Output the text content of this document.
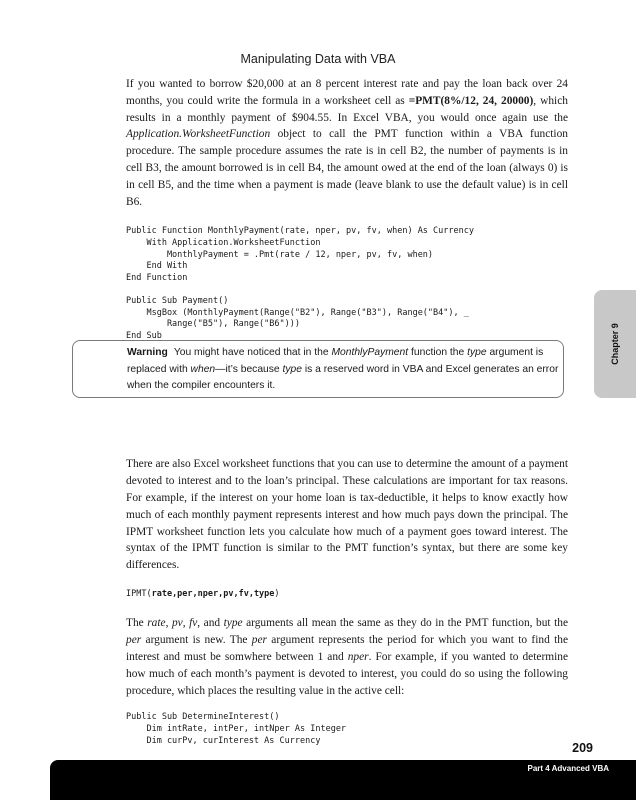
Manipulating Data with VBA

If you wanted to borrow $20,000 at an 8 percent interest rate and pay the loan back over 24 months, you could write the formula in a worksheet cell as =PMT(8%/12, 24, 20000), which results in a monthly payment of $904.55. In Excel VBA, you would once again use the Application.WorksheetFunction object to call the PMT function within a VBA function procedure. The sample procedure assumes the rate is in cell B2, the number of payments is in cell B3, the amount borrowed is in cell B4, the amount owed at the end of the loan (always 0) is in cell B5, and the time when a payment is made (leave blank to use the default value) is in cell B6.

Public Function MonthlyPayment(rate, nper, pv, fv, when) As Currency
With Application.WorksheetFunction
MonthlyPayment = .Pmt(rate / 12, nper, pv, fv, when)
End With
End Function

Public Sub Payment()
MsgBox (MonthlyPayment(Range("B2"), Range("B3"), Range("B4"), _
Range("B5"), Range("B6")))
End Sub

There are also Excel worksheet functions that you can use to determine the amount of a payment devoted to interest and to the loan’s principal. These calculations are important for tax reasons. For example, if the interest on your home loan is tax-deductible, it helps to know exactly how much of each monthly payment represents interest and how much pays down the principal. The IPMT worksheet function lets you calculate how much of a payment goes toward interest. The syntax of the IPMT function is similar to the PMT function’s syntax, but there are some key differences.

IPMT(rate,per,nper,pv,fv,type)

The rate, pv, fv, and type arguments all mean the same as they do in the PMT function, but the per argument is new. The per argument represents the period for which you want to find the interest and must be somwhere between 1 and nper. For example, if you wanted to determine how much of each month’s payment is devoted to interest, you could do so using the following procedure, which places the resulting value in the active cell:

Public Sub DetermineInterest()
Dim intRate, intPer, intNper As Integer
Dim curPv, curInterest As Currency
Warning You might have noticed that in the MonthlyPayment function the type argument is replaced with when—it’s because type is a reserved word in VBA and Excel generates an error when the compiler encounters it.
Chapter 9
209
Part 4 Advanced VBA
